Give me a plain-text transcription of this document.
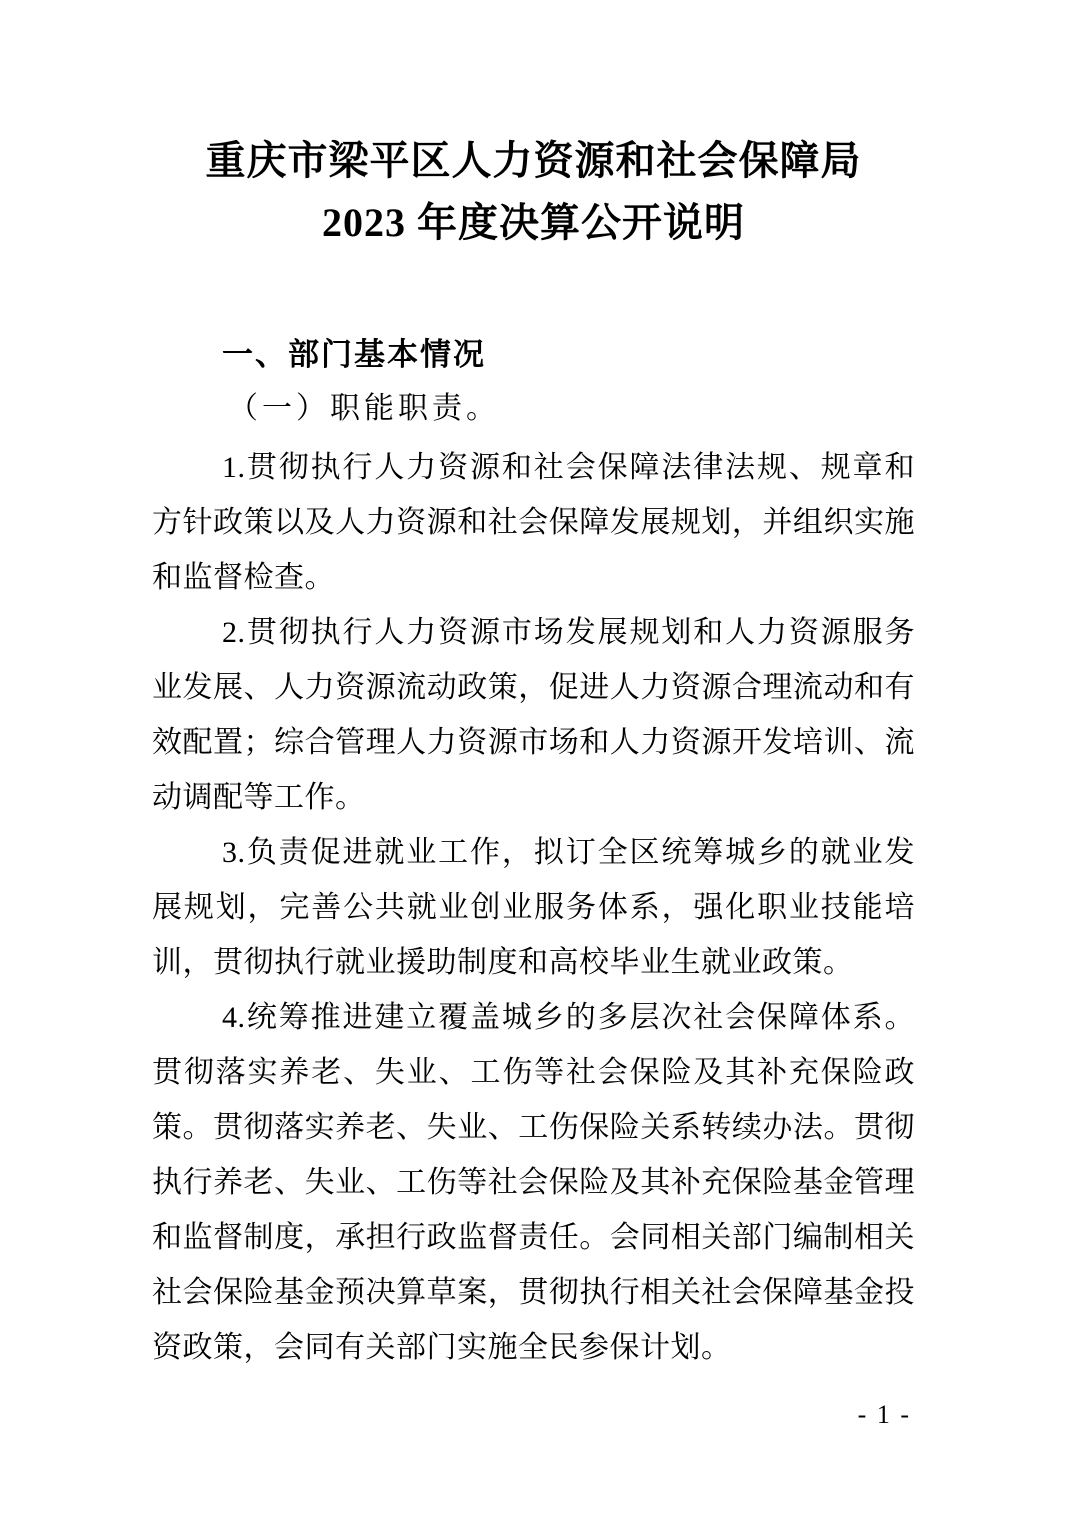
重庆市梁平区人力资源和社会保障局
2023 年度决算公开说明
一、部门基本情况
（一）职能职责。

1.贯彻执行人力资源和社会保障法律法规、规章和方针政策以及人力资源和社会保障发展规划，并组织实施和监督检查。

2.贯彻执行人力资源市场发展规划和人力资源服务业发展、人力资源流动政策，促进人力资源合理流动和有效配置；综合管理人力资源市场和人力资源开发培训、流动调配等工作。

3.负责促进就业工作，拟订全区统筹城乡的就业发展规划，完善公共就业创业服务体系，强化职业技能培训，贯彻执行就业援助制度和高校毕业生就业政策。

4.统筹推进建立覆盖城乡的多层次社会保障体系。贯彻落实养老、失业、工伤等社会保险及其补充保险政策。贯彻落实养老、失业、工伤保险关系转续办法。贯彻执行养老、失业、工伤等社会保险及其补充保险基金管理和监督制度，承担行政监督责任。会同相关部门编制相关社会保险基金预决算草案，贯彻执行相关社会保障基金投资政策，会同有关部门实施全民参保计划。

- 1 -
